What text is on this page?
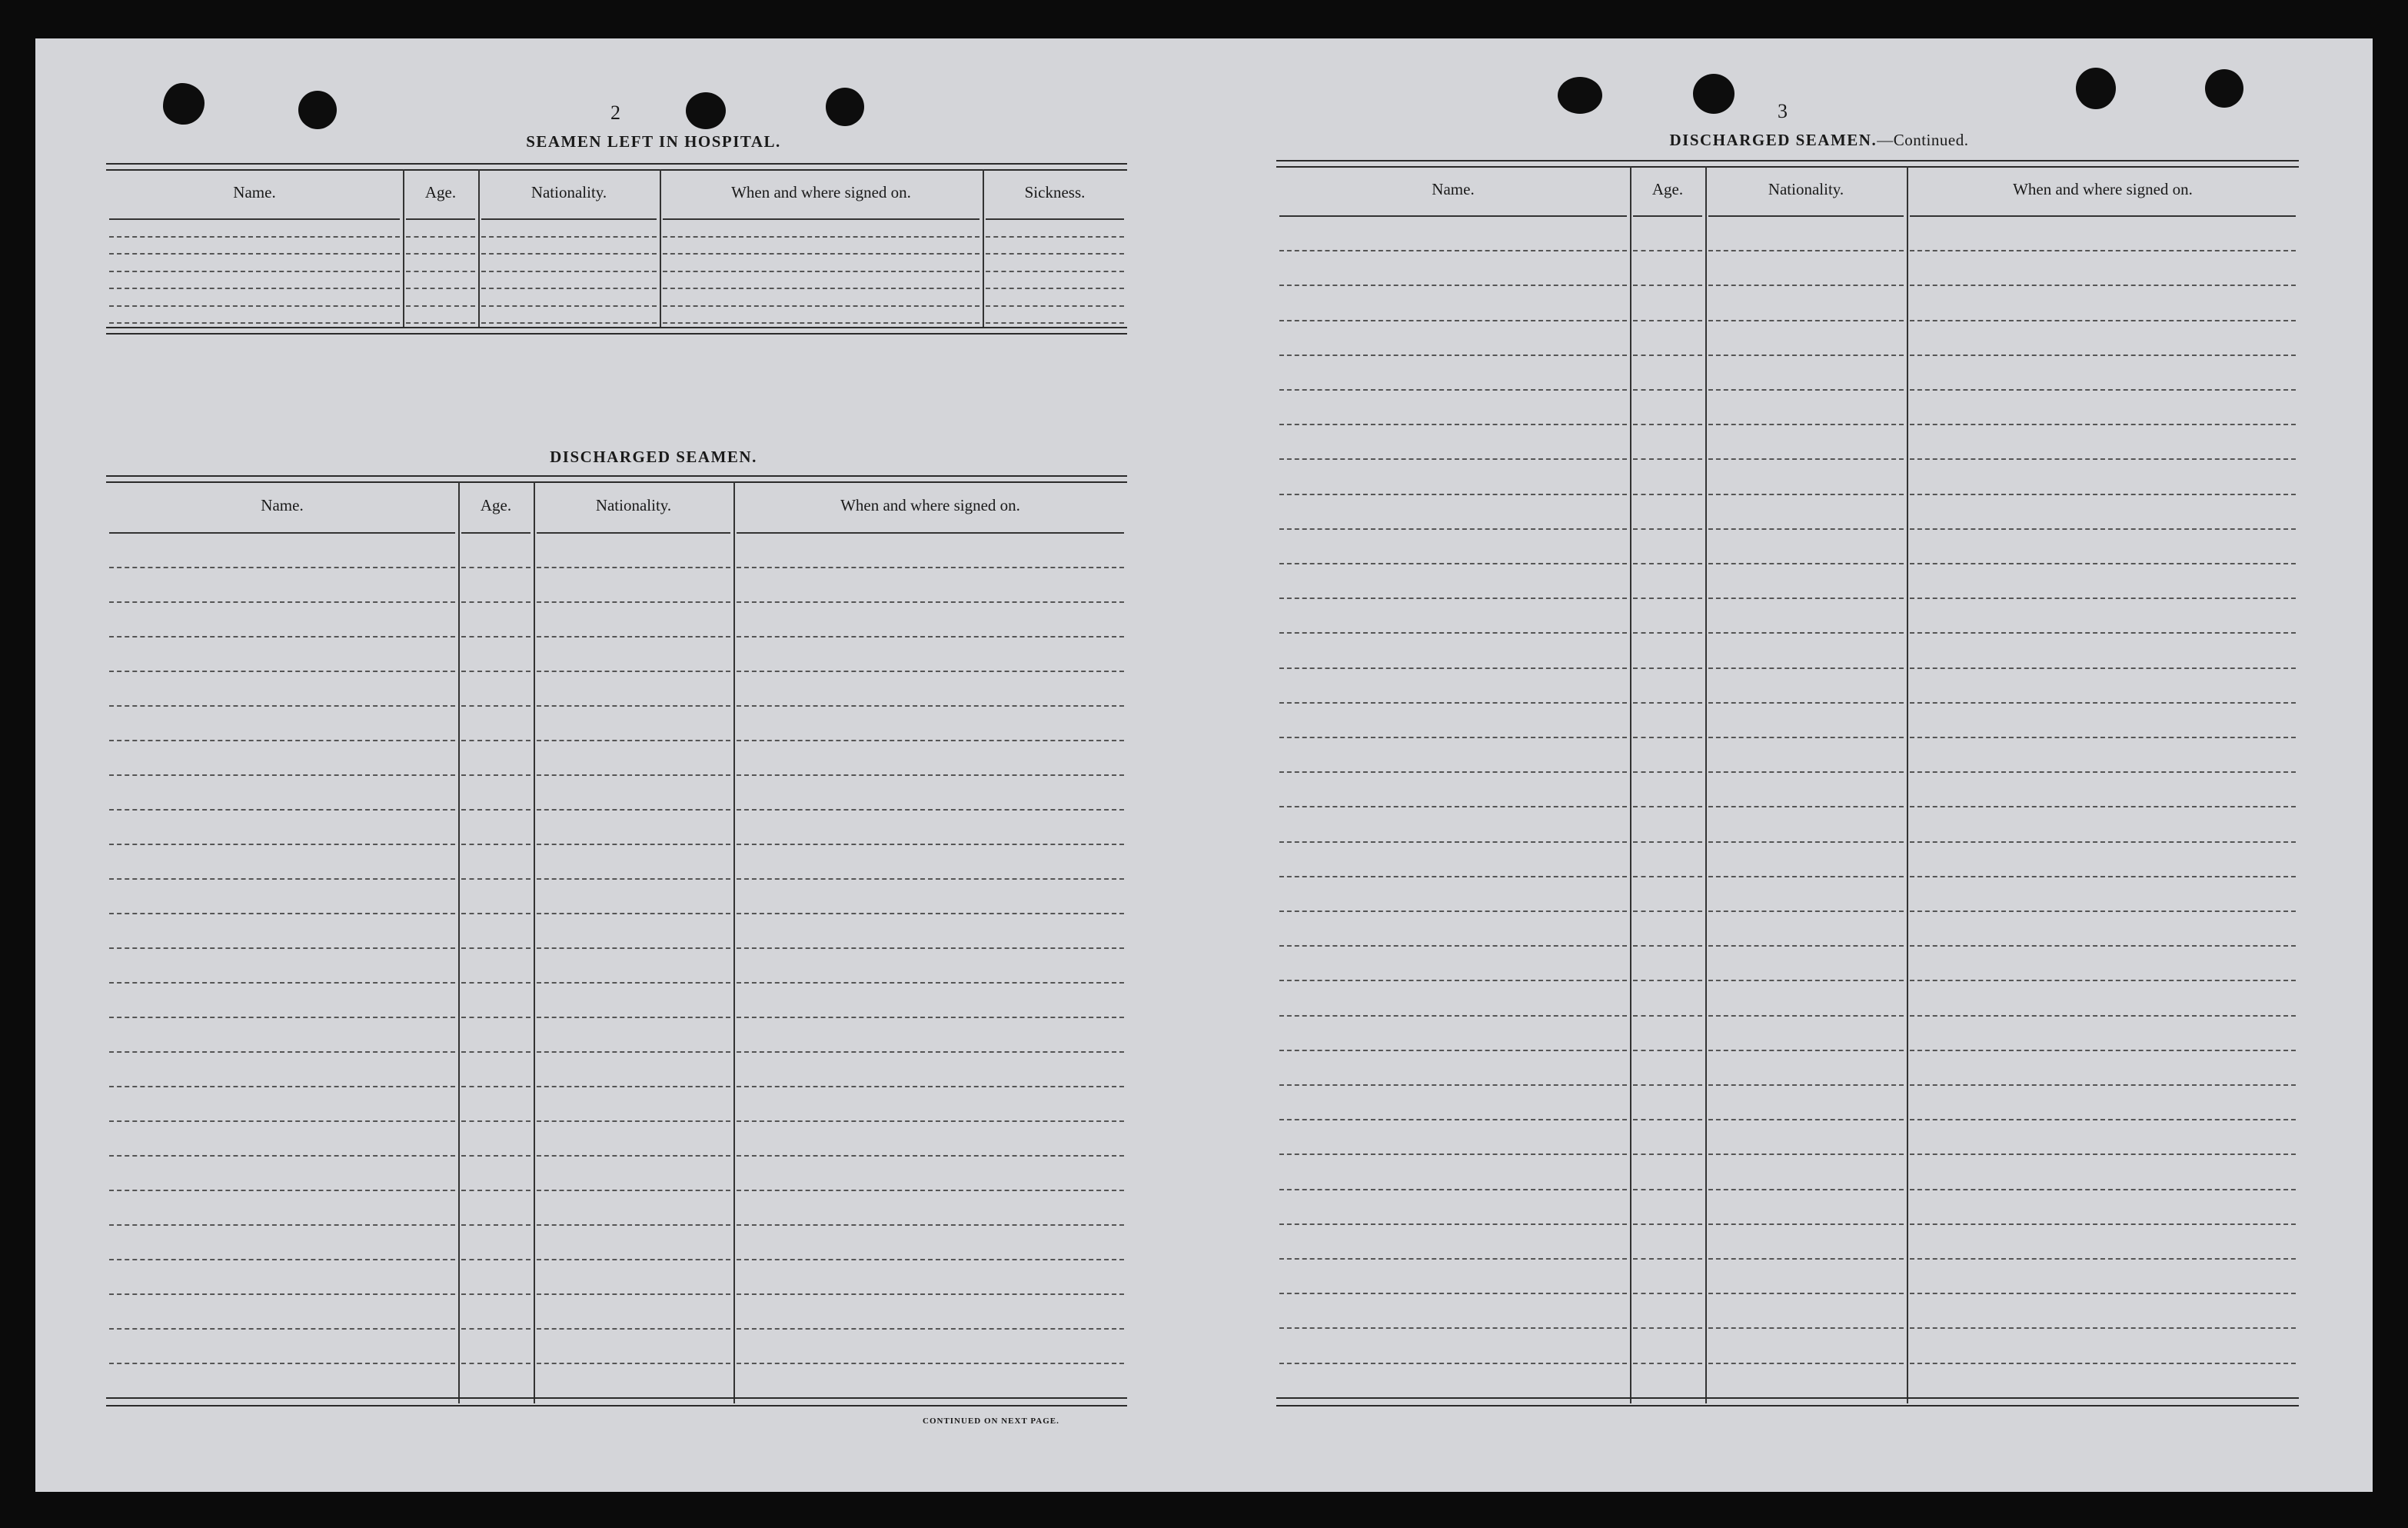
2
SEAMEN LEFT IN HOSPITAL.
DISCHARGED SEAMEN.
CONTINUED ON NEXT PAGE.
3
DISCHARGED SEAMEN.—Continued.
Name.	Age.	Nationality.	When and where signed on.	Sickness.
Name.	Age.	Nationality.	When and where signed on.
Name.	Age.	Nationality.	When and where signed on.
